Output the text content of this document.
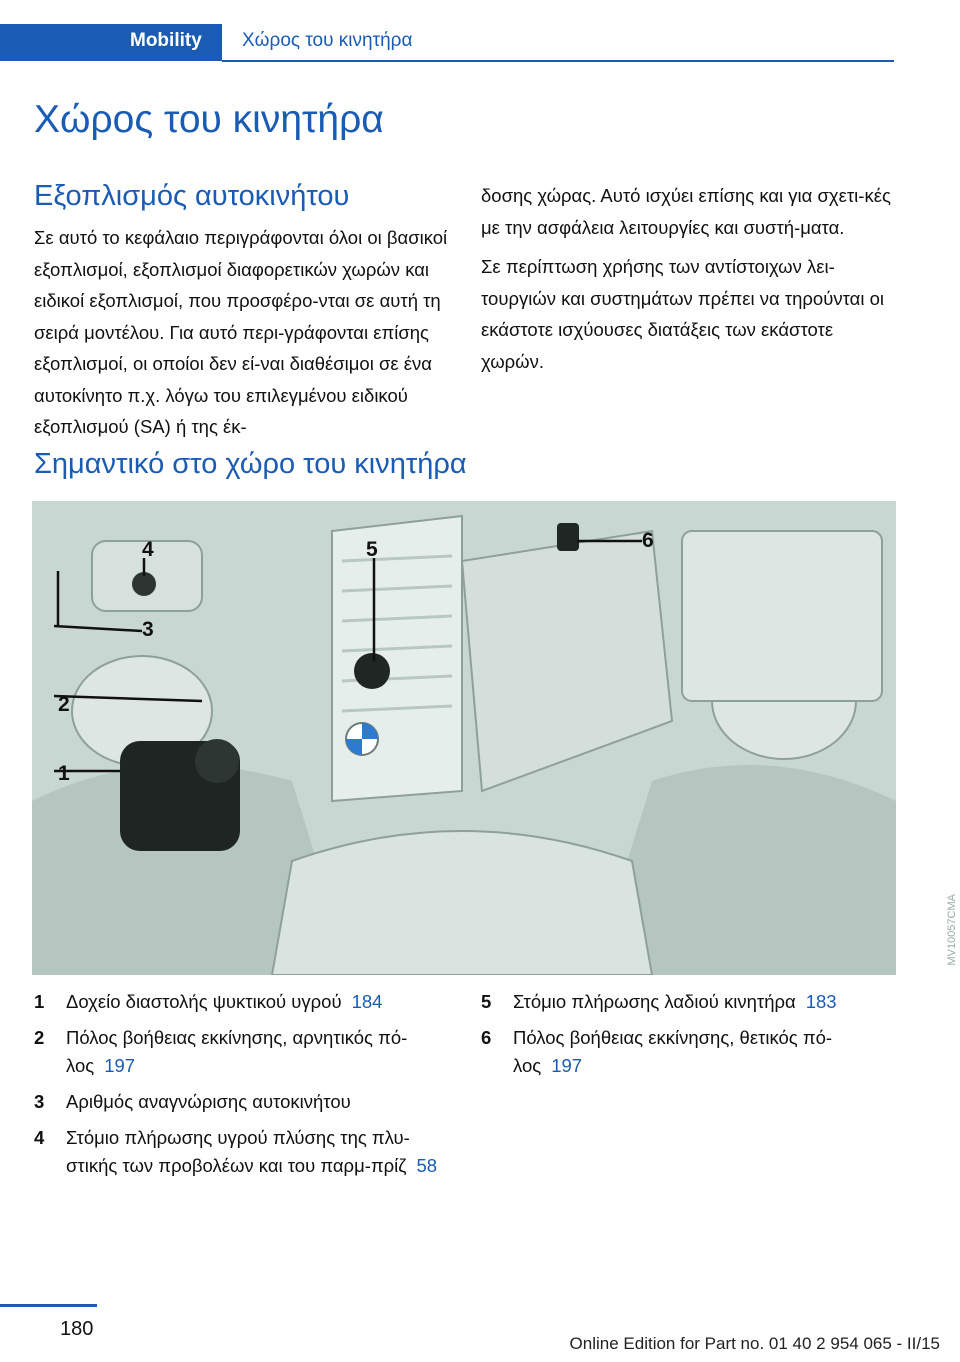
Mobility Χώρος του κινητήρα
Χώρος του κινητήρα
Εξοπλισμός αυτοκινήτου

Σε αυτό το κεφάλαιο περιγράφονται όλοι οι βασικοί εξοπλισμοί, εξοπλισμοί διαφορετικών χωρών και ειδικοί εξοπλισμοί, που προσφέρο-νται σε αυτή τη σειρά μοντέλου. Για αυτό περι-γράφονται επίσης εξοπλισμοί, οι οποίοι δεν εί-ναι διαθέσιμοι σε ένα αυτοκίνητο π.χ. λόγω του επιλεγμένου ειδικού εξοπλισμού (SA) ή της έκ-

δοσης χώρας. Αυτό ισχύει επίσης και για σχετι-κές με την ασφάλεια λειτουργίες και συστή-ματα.

Σε περίπτωση χρήσης των αντίστοιχων λει-τουργιών και συστημάτων πρέπει να τηρούνται οι εκάστοτε ισχύουσες διατάξεις των εκάστοτε χωρών.

Σημαντικό στο χώρο του κινητήρα
1
2
3
4	5	6
MV10057CMA
1 Δοχείο διαστολής ψυκτικού υγρού 184
2 Πόλος βοήθειας εκκίνησης, αρνητικός πό-λος 197
3 Αριθμός αναγνώρισης αυτοκινήτου
4 Στόμιο πλήρωσης υγρού πλύσης της πλυ-στικής των προβολέων και του παρμ-πρίζ 58
5 Στόμιο πλήρωσης λαδιού κινητήρα 183
6 Πόλος βοήθειας εκκίνησης, θετικός πό-λος 197
180
Online Edition for Part no. 01 40 2 954 065 - II/15
